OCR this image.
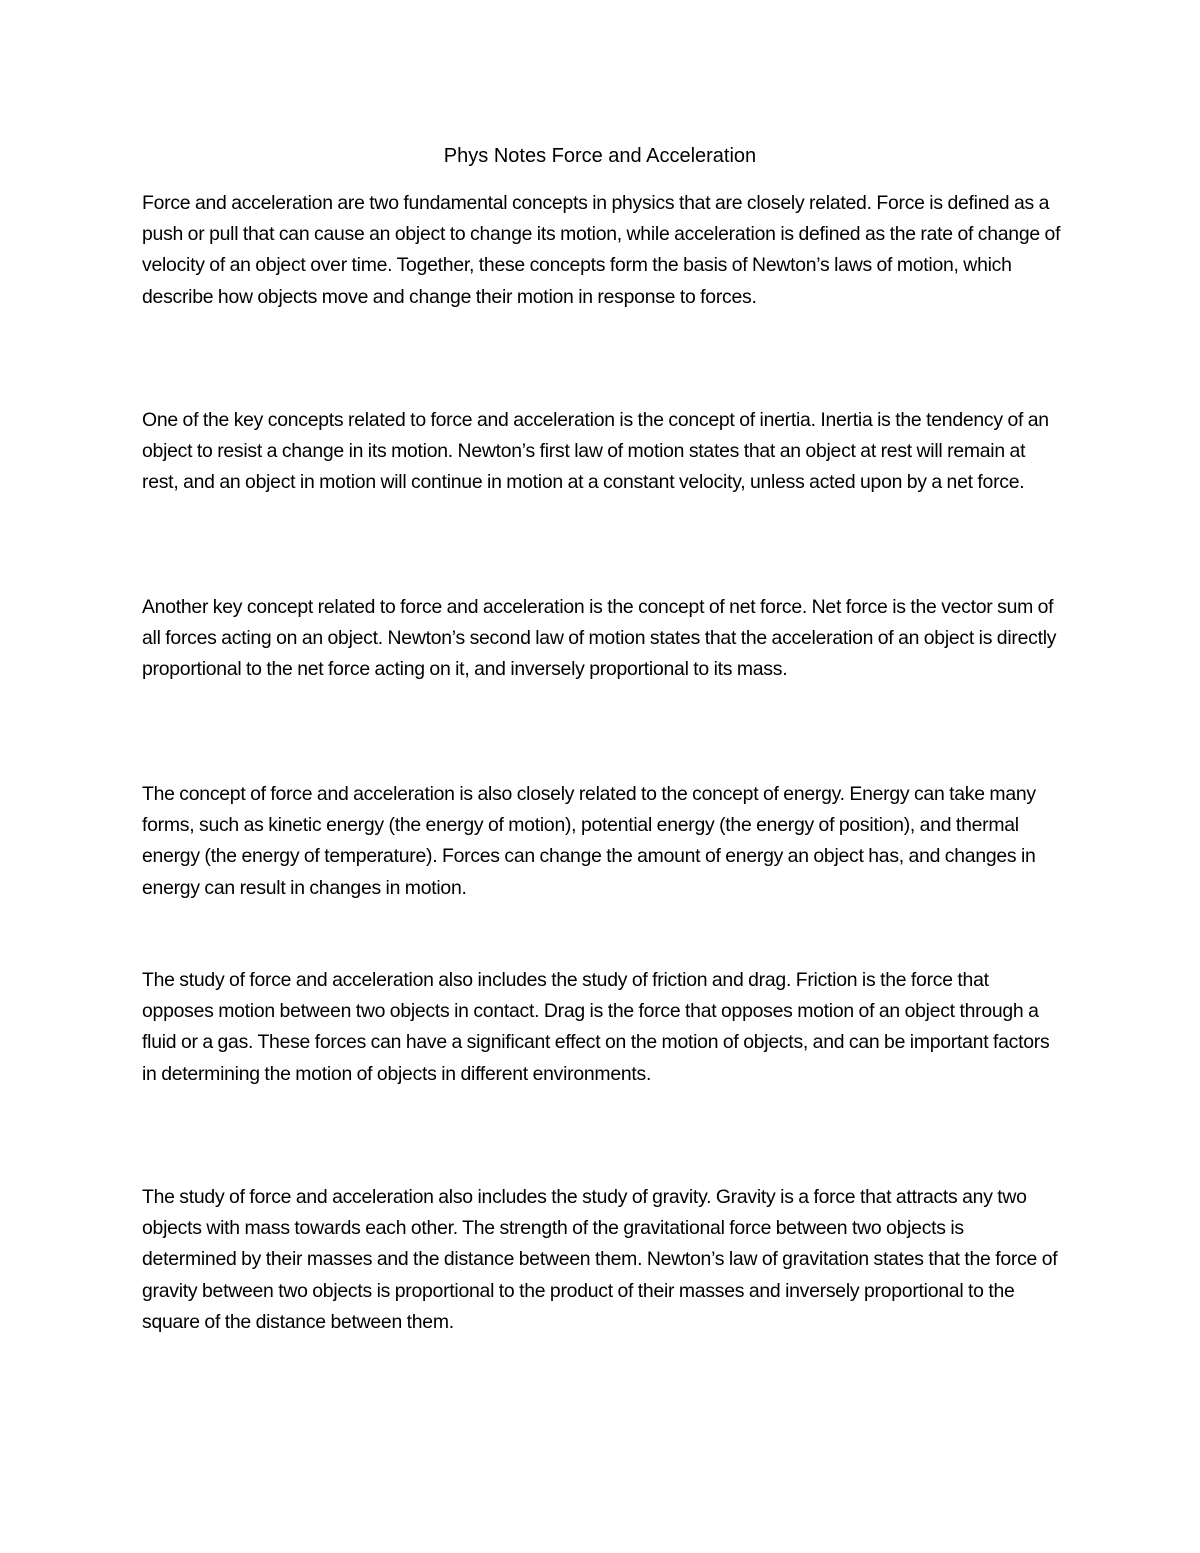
Phys Notes Force and Acceleration

Force and acceleration are two fundamental concepts in physics that are closely related. Force is defined as a push or pull that can cause an object to change its motion, while acceleration is defined as the rate of change of velocity of an object over time. Together, these concepts form the basis of Newton’s laws of motion, which describe how objects move and change their motion in response to forces.

One of the key concepts related to force and acceleration is the concept of inertia. Inertia is the tendency of an object to resist a change in its motion. Newton’s first law of motion states that an object at rest will remain at rest, and an object in motion will continue in motion at a constant velocity, unless acted upon by a net force.

Another key concept related to force and acceleration is the concept of net force. Net force is the vector sum of all forces acting on an object. Newton’s second law of motion states that the acceleration of an object is directly proportional to the net force acting on it, and inversely proportional to its mass.

The concept of force and acceleration is also closely related to the concept of energy. Energy can take many forms, such as kinetic energy (the energy of motion), potential energy (the energy of position), and thermal energy (the energy of temperature). Forces can change the amount of energy an object has, and changes in energy can result in changes in motion.

The study of force and acceleration also includes the study of friction and drag. Friction is the force that opposes motion between two objects in contact. Drag is the force that opposes motion of an object through a fluid or a gas. These forces can have a significant effect on the motion of objects, and can be important factors in determining the motion of objects in different environments.

The study of force and acceleration also includes the study of gravity. Gravity is a force that attracts any two objects with mass towards each other. The strength of the gravitational force between two objects is determined by their masses and the distance between them. Newton’s law of gravitation states that the force of gravity between two objects is proportional to the product of their masses and inversely proportional to the square of the distance between them.
